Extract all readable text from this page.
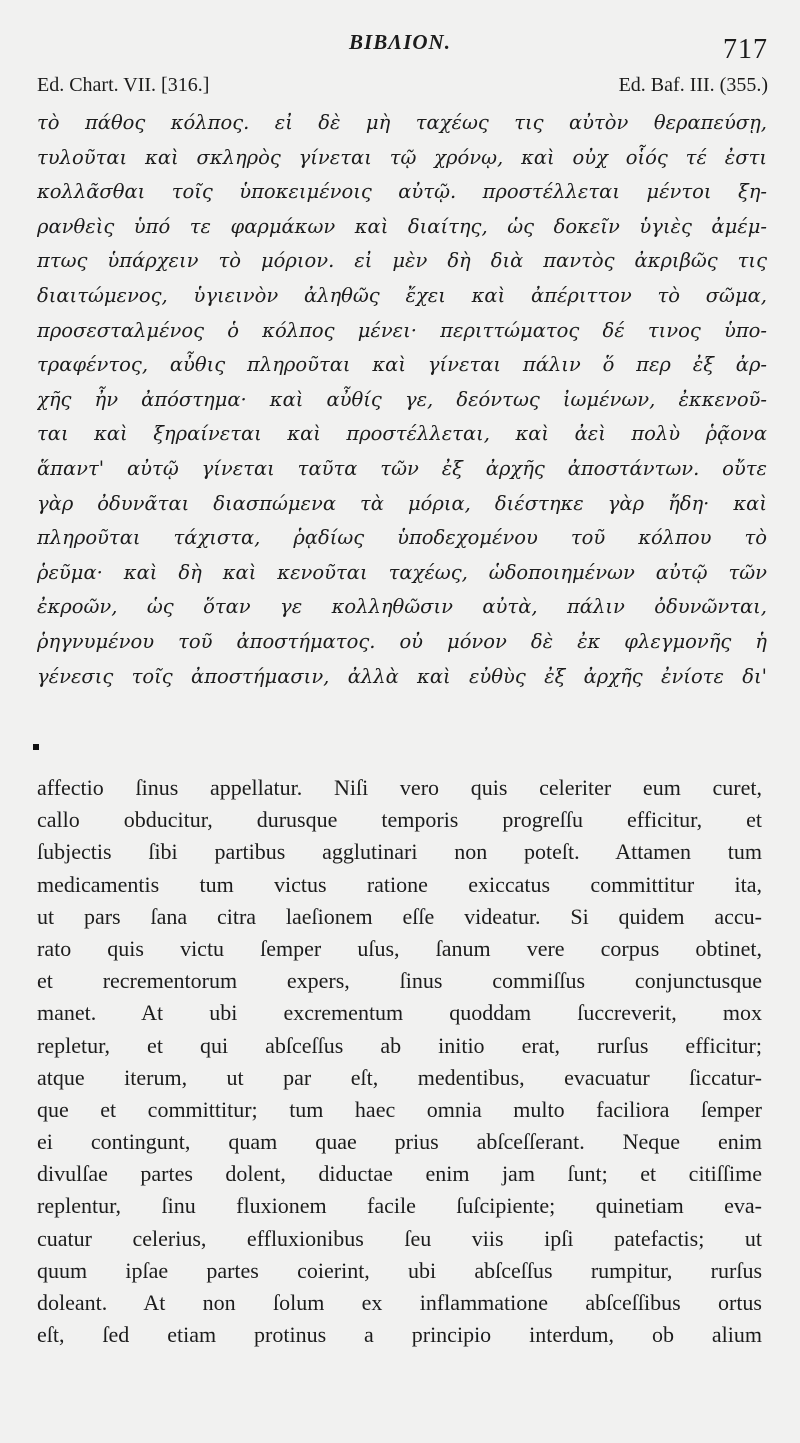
ΒΙΒΛΙΟΝ.	717
Ed. Chart. VII. [316.]	Ed. Baf. III. (355.)
τὸ πάθος κόλπος. εἰ δὲ μὴ ταχέως τις αὐτὸν θεραπεύσῃ,
τυλοῦται καὶ σκληρὸς γίνεται τῷ χρόνῳ, καὶ οὐχ οἷός τέ ἐστι
κολλᾶσθαι τοῖς ὑποκειμένοις αὐτῷ. προστέλλεται μέντοι ξη-
ρανθεὶς ὑπό τε φαρμάκων καὶ διαίτης, ὡς δοκεῖν ὑγιὲς ἀμέμ-
πτως ὑπάρχειν τὸ μόριον. εἰ μὲν δὴ διὰ παντὸς ἀκριβῶς τις
διαιτώμενος, ὑγιεινὸν ἀληθῶς ἔχει καὶ ἀπέριττον τὸ σῶμα,
προσεσταλμένος ὁ κόλπος μένει· περιττώματος δέ τινος ὑπο-
τραφέντος, αὖθις πληροῦται καὶ γίνεται πάλιν ὅ περ ἐξ ἀρ-
χῆς ἦν ἀπόστημα· καὶ αὖθίς γε, δεόντως ἰωμένων, ἐκκενοῦ-
ται καὶ ξηραίνεται καὶ προστέλλεται, καὶ ἀεὶ πολὺ ῥᾷονα
ἅπαντ' αὐτῷ γίνεται ταῦτα τῶν ἐξ ἀρχῆς ἀποστάντων. οὔτε
γὰρ ὀδυνᾶται διασπώμενα τὰ μόρια, διέστηκε γὰρ ἤδη· καὶ
πληροῦται τάχιστα, ῥᾳδίως ὑποδεχομένου τοῦ κόλπου τὸ
ῥεῦμα· καὶ δὴ καὶ κενοῦται ταχέως, ὡδοποιημένων αὐτῷ τῶν
ἐκροῶν, ὡς ὅταν γε κολληθῶσιν αὐτὰ, πάλιν ὀδυνῶνται,
ῥηγνυμένου τοῦ ἀποστήματος. οὐ μόνον δὲ ἐκ φλεγμονῆς ἡ
γένεσις τοῖς ἀποστήμασιν, ἀλλὰ καὶ εὐθὺς ἐξ ἀρχῆς ἐνίοτε δι'
affectio ſinus appellatur. Niſi vero quis celeriter eum curet,
callo obducitur, durusque temporis progreſſu efficitur, et
ſubjectis ſibi partibus agglutinari non poteſt. Attamen tum
medicamentis tum victus ratione exiccatus committitur ita,
ut pars ſana citra laeſionem eſſe videatur. Si quidem accu-
rato quis victu ſemper uſus, ſanum vere corpus obtinet,
et recrementorum expers, ſinus commiſſus conjunctusque
manet. At ubi excrementum quoddam ſuccreverit, mox
repletur, et qui abſceſſus ab initio erat, rurſus efficitur;
atque iterum, ut par eſt, medentibus, evacuatur ſiccatur-
que et committitur; tum haec omnia multo faciliora ſemper
ei contingunt, quam quae prius abſceſſerant. Neque enim
divulſae partes dolent, diductae enim jam ſunt; et citiſſime
replentur, ſinu fluxionem facile ſuſcipiente; quinetiam eva-
cuatur celerius, effluxionibus ſeu viis ipſi patefactis; ut
quum ipſae partes coierint, ubi abſceſſus rumpitur, rurſus
doleant. At non ſolum ex inflammatione abſceſſibus ortus
eſt, ſed etiam protinus a principio interdum, ob alium
